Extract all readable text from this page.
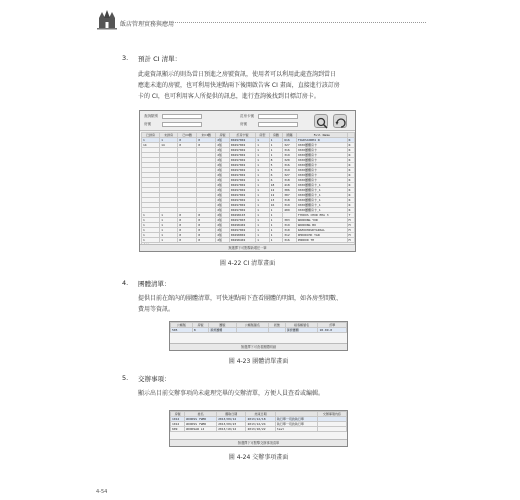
飯店管理實務與應用
3. 預計 CI 清單：
此處資訊顯示的則為當日預進之房號資訊，使用者可以利用此處查詢到當日
應進未進的房號，也可利用快速點兩下後開啟告客 CI 畫面，直接進行該訂房
卡的 CI，也可利用客人所提供的訊息，進行查詢後找到目標訂房卡。
查詢類別
房號
訂房卡號
房號
已排房	未排房	已CI數	未CI數	房號	訂房卡號	房型	房數	國籍	Full Name	
1	1	0	0	2號	00497002	1	1	616	TSUDS1DNH4 N	R
14	14	0	0	2號	00497002	1	1	327	XXXX團體房卡	R
				2號	00497002	1	1	316	XXXX團體房卡	R
				2號	00497002	1	1	319	XXXX團體房卡	R
				2號	00497002	1	8	320	XXXX團體房卡	R
				2號	00497002	1	5	316	XXXX團體房卡	R
				2號	00497002	1	5	319	XXXX團體房卡	R
				2號	00497002	1	6	327	XXXX團體房卡	R
				2號	00497002	1	6	318	XXXX團體房卡	R
				2號	00497002	1	18	418	XXXX團體房卡_1	R
				2號	00497002	1	12	306	XXXX團體房卡_1	R
				2號	00497002	1	12	307	XXXX團體房卡_1	R
				2號	00497002	1	13	318	XXXX團體房卡_1	R
				2號	00497002	1	16	319	XXXX團體房卡_1	R
				2號	00497002	1	1	409	XXXX團體房卡_1	R
1	1	0	0	2號	00498103	1	1		TYDDOS CHOR EHA 3	T
1	1	0	0	2號	00497003	1	1	303	WOODONG YOR	M
1	1	0	0	2號	00498402	1	1	319	WOODONG BO	M
1	1	0	0	2號	00497002	1	1	310	DAEOOHJUDYAPAAL	M
1	1	0	0	2號	00498002	1	1	312	DHOODCHO YAN	M
1	1	0	0	2號	00498402	1	1	316	PODDOD TH	M

無選擇下可點擊新增任一筆
圖 4-22 CI 清單畫面
4. 團體清單：
提供目前在館內的團體清單，可快速點兩下查看團體的明細，如各房型間數、
費用等資訊。
公帳號	房號	團號	公帳號簡名	狀態	接客帳號名	訂單
505	8	萬源團體			萬源團體	18.09.0
無選擇下可查看團體明細
圖 4-23 團體清單畫面
5. 交辦事項：
顯示出目前交辦事項尚未處理完畢的交辦清單，方便人員查看或編輯。
房號	姓名	擬取日期	結束日期		交辦事項內容
1012	WOODSS YWER	2013/09/12	2013/12/18	執行單一頁的執行單	
1012	WOODSS YWER	2013/09/23	2013/12/24	執行單一頁的執行單	
609	WOODSAW LI	2013/10/12	2013/10/22	test	
無選擇下可點擊交辦事項清單
圖 4-24 交辦事項畫面
4-54
